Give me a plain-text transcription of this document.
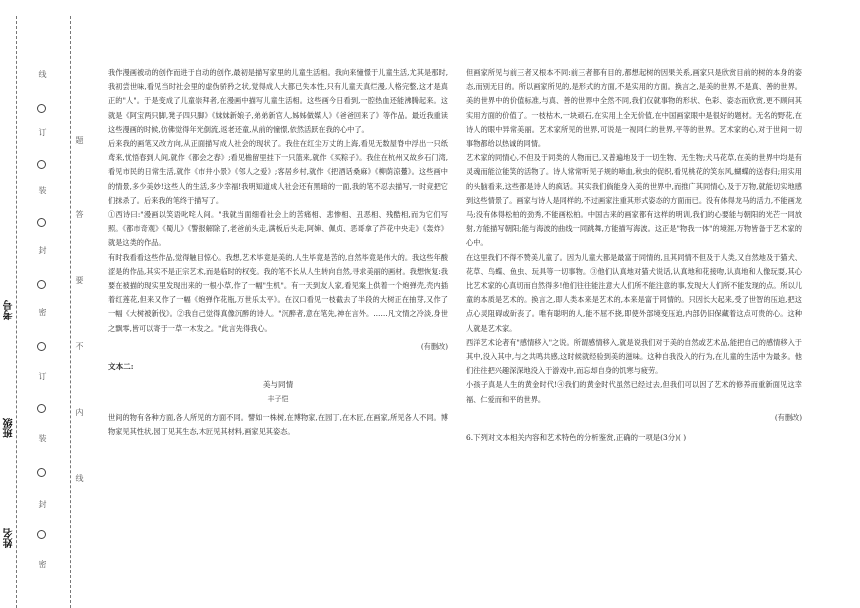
线
订
装
封
密
订
装
封
密
题
答
要
不
内
线
考号
班级
姓名

我作漫画被动的创作而进于自动的创作,最初是描写家里的儿童生活相。我向来憧憬于儿童生活,尤其是那时,我初尝世味,看见当时社会里的虚伪骄矜之状,觉得成人大都已失本性,只有儿童天真烂漫,人格完整,这才是真正的"人"。于是变成了儿童崇拜者,在漫画中描写儿童生活相。这些画今日看到,一腔热血还能沸腾起来。这就是《阿宝两只脚,凳子四只脚》《妹妹新娘子,弟弟新官人,姊姊做媒人》《爸爸回来了》等作品。最近我重读这些漫画的时候,仿佛觉得年光倒流,返老还童,从前的憧憬,依然活跃在我的心中了。

后来我的画笔又改方向,从正面描写成人社会的现状了。我住在红尘万丈的上海,看见无数屋脊中浮出一只纸鸢来,忧悟春到人间,就作《都会之春》;看见檐留里挂下一只篮来,就作《买粽子》。我住在杭州又故乡石门湾,看见市民的日常生活,就作《市井小景》《邻人之爱》;客居乡村,就作《把酒话桑麻》《柳荫涼躉》。这些画中的情景,多少美妙!这些人的生活,多少幸福!我明知道成人社会还有黑暗的一面,我的笔不忍去描写,一时竞把它们抹杀了。后来我的笔终于描写了。

①西诗曰:"漫画以笑语叱咤人间。"我就当面细看社会上的苦痛相、悲惨相、丑恶相、残酷相,而为它们写照。《都市奇观》《蜀儿》《警报解除了,老爸前头走,满板后头走,阿婶、佩贞、恶哥拿了芦花中央走》《轰炸》就是这类的作品。

有时我看看这些作品,觉得触目惊心。我想,艺术毕竟是美的,人生毕竟是苦的,自然毕竟是伟大的。我这些年酸涩是的作品,其实不是正宗艺术,而是临时的权变。我的笔不长从人生转向自然,寻求美丽的画材。我想恢复:我要在被描的现实里发现出来的一根小草,作了一幅"生机"。有一天到友人家,看见案上供着一个炮弹壳,壳内插着红莲花,但来又作了一幅《炮弹作花瓶,万世乐太平》。在汉口看见一枝截去了半段的大树正在抽芽,又作了一幅《大树被新伐》。②我自己觉得真像沉醉的诗人。"沉醉者,意在笔先,神在言外。……凡文情之冷淡,身世之飘零,皆可以寄于一草一木发之。"此言先得我心。

(有删改)
文本二:
美与同情
丰子恺

世间的物有各种方面,各人所见的方面不同。譬如一株树,在博物家,在园丁,在木匠,在画家,所见各人不同。博物家见其性状,园丁见其生态,木匠见其材料,画家见其姿态。

但画家所见与前三者又根本不同:前三者都有目的,都想起树的因果关系,画家只是欣赏目前的树的本身的姿态,而别无目的。所以画家所见的,是形式的方面,不是实用的方面。换言之,是美的世界,不是真、善的世界。美的世界中的价值标准,与真、善的世界中全然不同,我们仅就事物的形状、色彩、姿态而欣赏,更不顾问其实用方面的价值了。一枝枯木,一块顽石,在实用上全无价值,在中国画家眼中是很好的题材。无名的野花,在诗人的眼中异常美丽。艺术家所见的世界,可说是一视同仁的世界,平等的世界。艺术家的心,对于世间一切事物都给以热诚的同情。

艺术家的同情心,不但及于同类的人物而已,又普遍地及于一切生物、无生物;犬马花草,在美的世界中均是有灵魂而能泣能笑的活物了。诗人常常听见子规的啼血,秋虫的促织,看见桃花的笑东风,蝴蝶的送春归;用实用的头脑看来,这些都是诗人的疯话。其实我们倘能身入美的世界中,而推广其同情心,及于万物,就能切实地感到这些情景了。画家与诗人是同样的,不过画家注重其形式姿态的方面而已。没有体得龙马的活力,不能画龙马;没有体得松柏的劲秀,不能画松柏。中国古来的画家都有这样的明训,我们的心要能与朝阳的光芒一同放射,方能描写朝阳;能与海波的曲线一同跳舞,方能描写海波。这正是"物我一体"的境涯,万物皆备于艺术家的心中。

在这里我们不得不赞美儿童了。因为儿童大都是最富于同情的,且其同情不但及于人类,又自然地及于猫犬、花草、鸟蝶、鱼虫、玩具等一切事物。③他们认真地对猫犬说话,认真地和花接吻,认真地和人像玩耍,其心比艺术家的心真切而自然得多!他们往往能注意大人们所不能注意的事,发现大人们所不能发现的点。所以儿童的本质是艺术的。换言之,即人类本来是艺术的,本来是富于同情的。只因长大起来,受了世智的压迫,把这点心灵阻碍或斫丧了。唯有聪明的人,能不屈不挠,即使外部境变压迫,内部仍旧保藏着这点可贵的心。这种人就是艺术家。

西洋艺术论者有"感情移入"之说。所谓感情移入,就是说我们对于美的自然或艺术品,能把自己的感情移入于其中,没入其中,与之共鸣共感,这时候就经验到美的滋味。这种自我没入的行为,在儿童的生活中为最多。他们往往把兴趣深深地没入于游戏中,而忘却自身的饥寒与疲劳。

小孩子真是人生的黄金时代!④我们的黄金时代虽然已经过去,但我们可以因了艺术的修养而重新面见这幸福、仁爱而和平的世界。

(有删改)
6.下列对文本相关内容和艺术特色的分析鉴赏,正确的一项是(3分)( )
